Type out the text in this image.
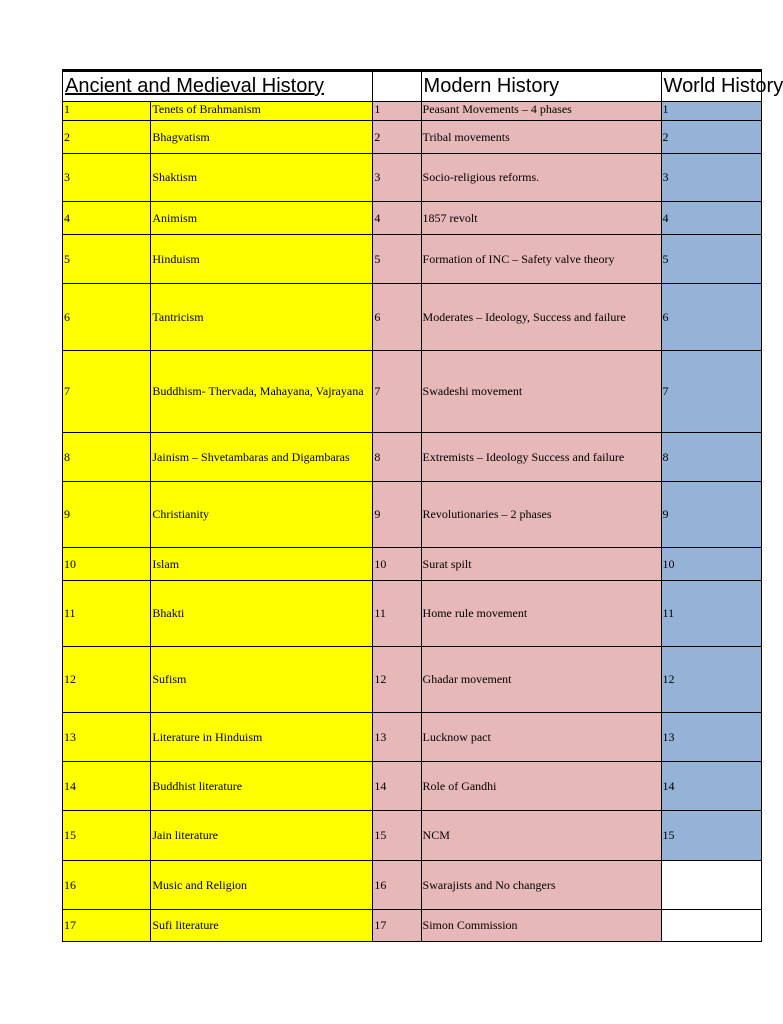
Ancient and Medieval History			Modern History	World History
1	Tenets of Brahmanism	1	Peasant Movements – 4 phases	1
2	Bhagvatism	2	Tribal movements	2
3	Shaktism	3	Socio-religious reforms.	3
4	Animism	4	1857 revolt	4
5	Hinduism	5	Formation of INC – Safety valve theory	5
6	Tantricism	6	Moderates – Ideology, Success and failure	6
7	Buddhism- Thervada, Mahayana, Vajrayana	7	Swadeshi movement	7
8	Jainism – Shvetambaras and Digambaras	8	Extremists – Ideology Success and failure	8
9	Christianity	9	Revolutionaries – 2 phases	9
10	Islam	10	Surat spilt	10
11	Bhakti	11	Home rule movement	11
12	Sufism	12	Ghadar movement	12
13	Literature in Hinduism	13	Lucknow pact	13
14	Buddhist literature	14	Role of Gandhi	14
15	Jain literature	15	NCM	15
16	Music and Religion	16	Swarajists and No changers	
17	Sufi literature	17	Simon Commission	
